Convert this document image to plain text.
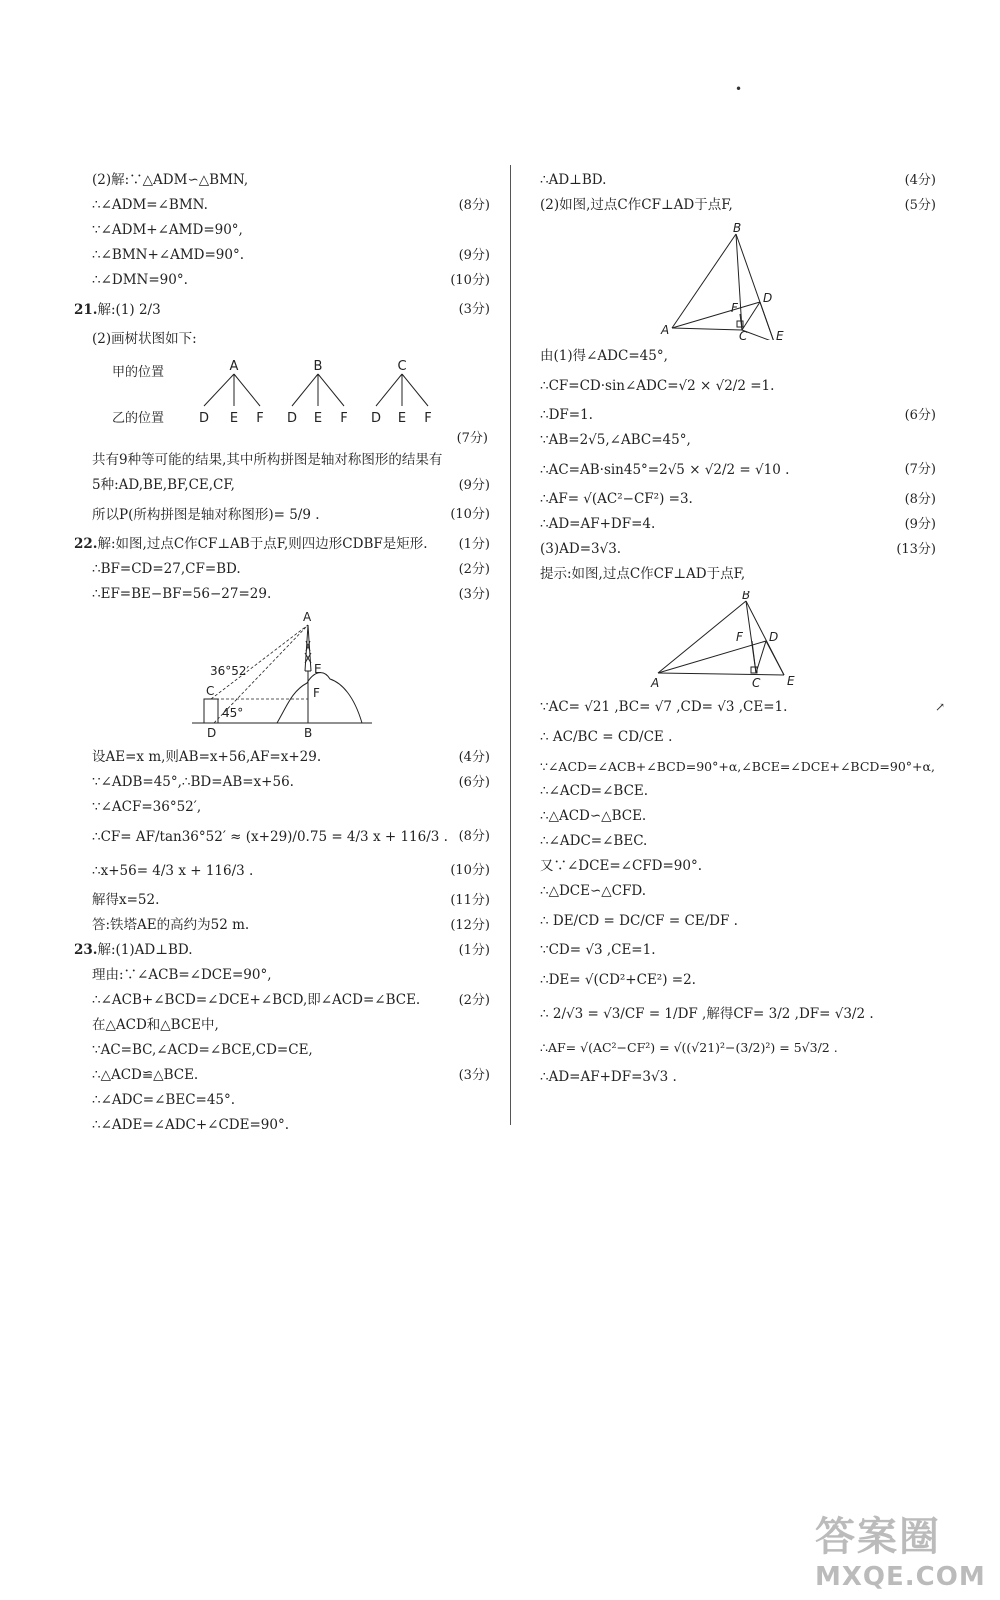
(2)解:∵△ADM∽△BMN,
∴∠ADM=∠BMN.	(8分)
∵∠ADM+∠AMD=90°,
∴∠BMN+∠AMD=90°.	(9分)
∴∠DMN=90°.	(10分)
21.解:(1) 2/3	(3分)
(2)画树状图如下:
甲的位置
乙的位置
A	B	C
D E F D E F D E F
(7分)
共有9种等可能的结果,其中所构拼图是轴对称图形的结果有
5种:AD,BE,BF,CE,CF,	(9分)
所以P(所构拼图是轴对称图形)= 5/9 .	(10分)
22.解:如图,过点C作CF⊥AB于点F,则四边形CDBF是矩形. (1分)
∴BF=CD=27,CF=BD.	(2分)
∴EF=BE−BF=56−27=29.	(3分)
A
E
F
C
D	B
36°52′
45°
设AE=x m,则AB=x+56,AF=x+29.	(4分)
∵∠ADB=45°,∴BD=AB=x+56.	(6分)
∵∠ACF=36°52′,
∴CF= AF/tan36°52′ ≈ (x+29)/0.75 = 4/3 x + 116/3 . (8分)
∴x+56= 4/3 x + 116/3 .	(10分)
解得x=52.	(11分)
答:铁塔AE的高约为52 m.	(12分)
23.解:(1)AD⊥BD.	(1分)
理由:∵∠ACB=∠DCE=90°,
∴∠ACB+∠BCD=∠DCE+∠BCD,即∠ACD=∠BCE.	(2分)
在△ACD和△BCE中,
∵AC=BC,∠ACD=∠BCE,CD=CE,
∴△ACD≌△BCE.	(3分)
∴∠ADC=∠BEC=45°.
∴∠ADE=∠ADC+∠CDE=90°.
∴AD⊥BD.	(4分)
(2)如图,过点C作CF⊥AD于点F,	(5分)
A
B
C
D
E
F
由(1)得∠ADC=45°,
∴CF=CD·sin∠ADC=√2 × √2/2 =1.
∴DF=1.	(6分)
∵AB=2√5,∠ABC=45°,
∴AC=AB·sin45°=2√5 × √2/2 = √10 .	(7分)
∴AF= √(AC²−CF²) =3.	(8分)
∴AD=AF+DF=4.	(9分)
(3)AD=3√3.	(13分)
提示:如图,过点C作CF⊥AD于点F,
A
B
C
D
E
F
∵AC= √21 ,BC= √7 ,CD= √3 ,CE=1.
∴ AC/BC = CD/CE .
∵∠ACD=∠ACB+∠BCD=90°+α,∠BCE=∠DCE+∠BCD=90°+α,
∴∠ACD=∠BCE.
∴△ACD∽△BCE.
∴∠ADC=∠BEC.
又∵∠DCE=∠CFD=90°.
∴△DCE∽△CFD.
∴ DE/CD = DC/CF = CE/DF .
∵CD= √3 ,CE=1.
∴DE= √(CD²+CE²) =2.
∴ 2/√3 = √3/CF = 1/DF ,解得CF= 3/2 ,DF= √3/2 .
∴AF= √(AC²−CF²) = √((√21)²−(3/2)²) = 5√3/2 .
∴AD=AF+DF=3√3 .
•
↗
答案圈
MXQE.COM
